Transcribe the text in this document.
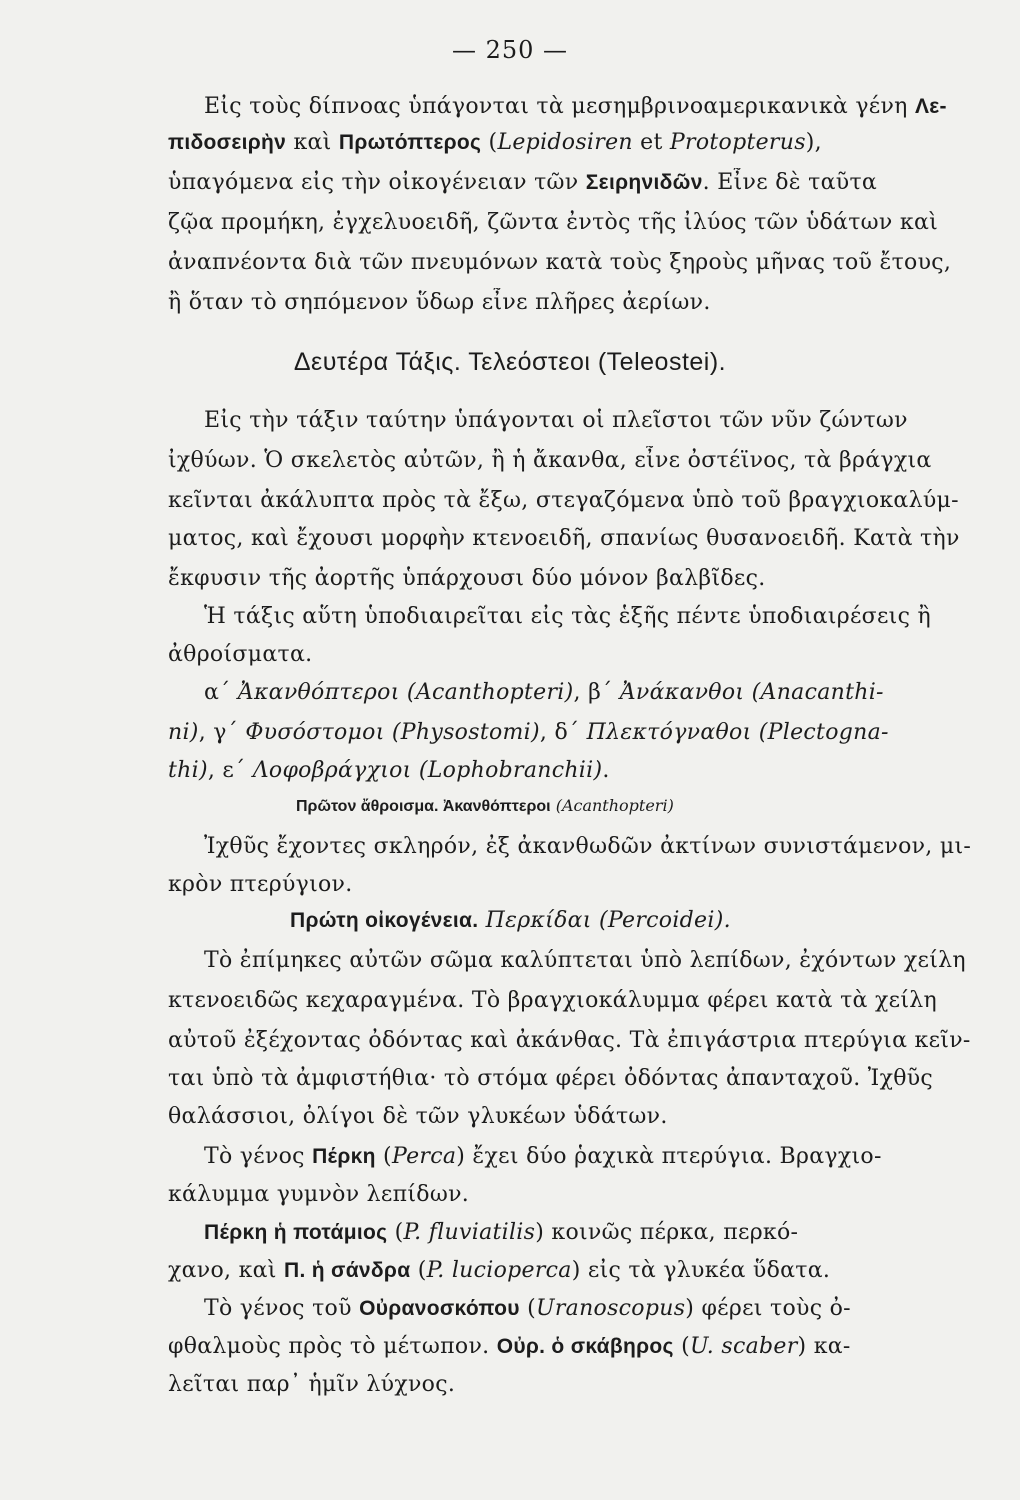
— 250 —
Εἰς τοὺς δίπνοας ὑπάγονται τὰ μεσημβρινοαμερικανικὰ γένη Λε-
πιδοσειρὴν καὶ Πρωτόπτερος (Lepidosiren et Protopterus),
ὑπαγόμενα εἰς τὴν οἰκογένειαν τῶν Σειρηνιδῶν. Εἶνε δὲ ταῦτα
ζῷα προμήκη, ἐγχελυοειδῆ, ζῶντα ἐντὸς τῆς ἰλύος τῶν ὑδάτων καὶ
ἀναπνέοντα διὰ τῶν πνευμόνων κατὰ τοὺς ξηροὺς μῆνας τοῦ ἔτους,
ἢ ὅταν τὸ σηπόμενον ὕδωρ εἶνε πλῆρες ἀερίων.
Δευτέρα Τάξις. Τελεόστεοι (Teleostei).
Εἰς τὴν τάξιν ταύτην ὑπάγονται οἱ πλεῖστοι τῶν νῦν ζώντων
ἰχθύων. Ὁ σκελετὸς αὐτῶν, ἢ ἡ ἄκανθα, εἶνε ὀστέϊνος, τὰ βράγχια
κεῖνται ἀκάλυπτα πρὸς τὰ ἔξω, στεγαζόμενα ὑπὸ τοῦ βραγχιοκαλύμ-
ματος, καὶ ἔχουσι μορφὴν κτενοειδῆ, σπανίως θυσανοειδῆ. Κατὰ τὴν
ἔκφυσιν τῆς ἀορτῆς ὑπάρχουσι δύο μόνον βαλβῖδες.
Ἡ τάξις αὕτη ὑποδιαιρεῖται εἰς τὰς ἑξῆς πέντε ὑποδιαιρέσεις ἢ
ἀθροίσματα.
α΄ Ἀκανθόπτεροι (Acanthopteri), β΄ Ἀνάκανθοι (Anacanthi-
ni), γ΄ Φυσόστομοι (Physostomi), δ΄ Πλεκτόγναθοι (Plectogna-
thi), ε΄ Λοφοβράγχιοι (Lophobranchii).
Πρῶτον ἄθροισμα. Ἀκανθόπτεροι (Acanthopteri)
Ἰχθῦς ἔχοντες σκληρόν, ἐξ ἀκανθωδῶν ἀκτίνων συνιστάμενον, μι-
κρὸν πτερύγιον.
Πρώτη οἰκογένεια. Περκίδαι (Percoidei).
Τὸ ἐπίμηκες αὐτῶν σῶμα καλύπτεται ὑπὸ λεπίδων, ἐχόντων χείλη
κτενοειδῶς κεχαραγμένα. Τὸ βραγχιοκάλυμμα φέρει κατὰ τὰ χείλη
αὐτοῦ ἐξέχοντας ὀδόντας καὶ ἀκάνθας. Τὰ ἐπιγάστρια πτερύγια κεῖν-
ται ὑπὸ τὰ ἀμφιστήθια· τὸ στόμα φέρει ὀδόντας ἀπανταχοῦ. Ἰχθῦς
θαλάσσιοι, ὀλίγοι δὲ τῶν γλυκέων ὑδάτων.
Τὸ γένος Πέρκη (Perca) ἔχει δύο ῥαχικὰ πτερύγια. Βραγχιο-
κάλυμμα γυμνὸν λεπίδων.
Πέρκη ἡ ποτάμιος (P. fluviatilis) κοινῶς πέρκα, περκό-
χανο, καὶ Π. ἡ σάνδρα (P. lucioperca) εἰς τὰ γλυκέα ὕδατα.
Τὸ γένος τοῦ Οὐρανοσκόπου (Uranoscopus) φέρει τοὺς ὀ-
φθαλμοὺς πρὸς τὸ μέτωπον. Οὐρ. ὁ σκάβηρος (U. scaber) κα-
λεῖται παρ᾽ ἡμῖν λύχνος.
